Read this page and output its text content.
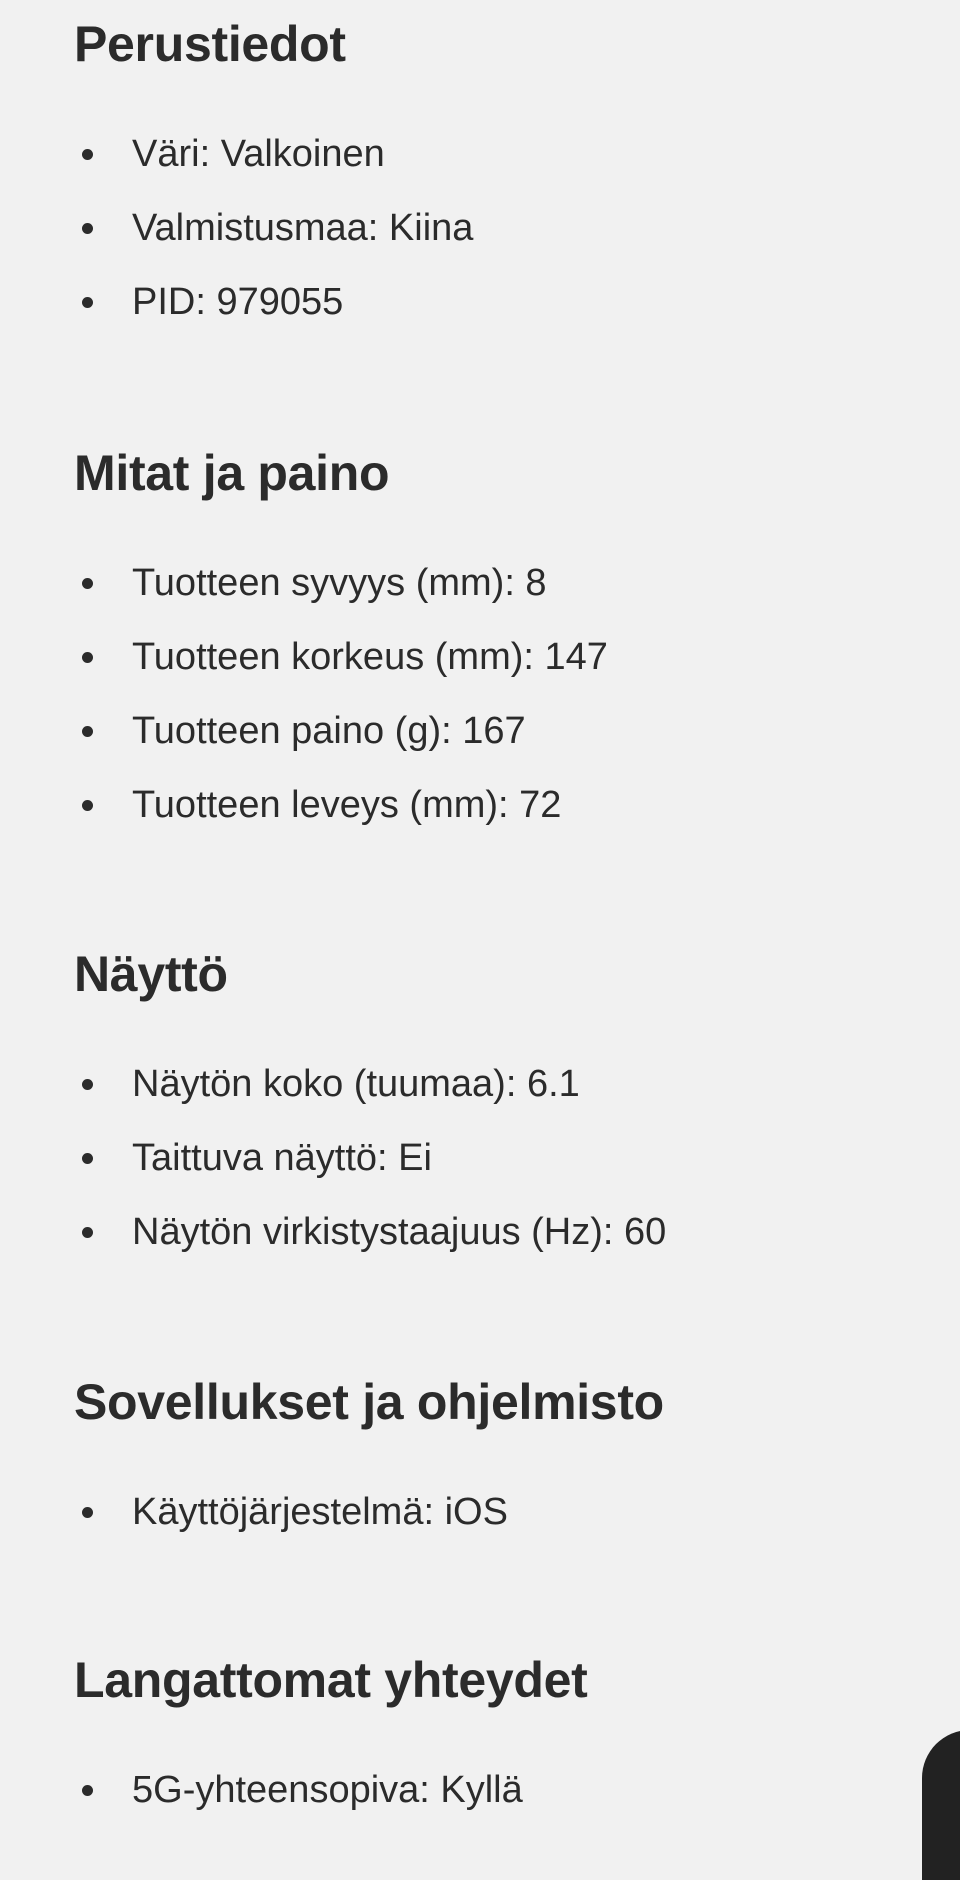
Perustiedot
Väri: Valkoinen
Valmistusmaa: Kiina
PID: 979055
Mitat ja paino
Tuotteen syvyys (mm): 8
Tuotteen korkeus (mm): 147
Tuotteen paino (g): 167
Tuotteen leveys (mm): 72
Näyttö
Näytön koko (tuumaa): 6.1
Taittuva näyttö: Ei
Näytön virkistystaajuus (Hz): 60
Sovellukset ja ohjelmisto
Käyttöjärjestelmä: iOS
Langattomat yhteydet
5G-yhteensopiva: Kyllä
